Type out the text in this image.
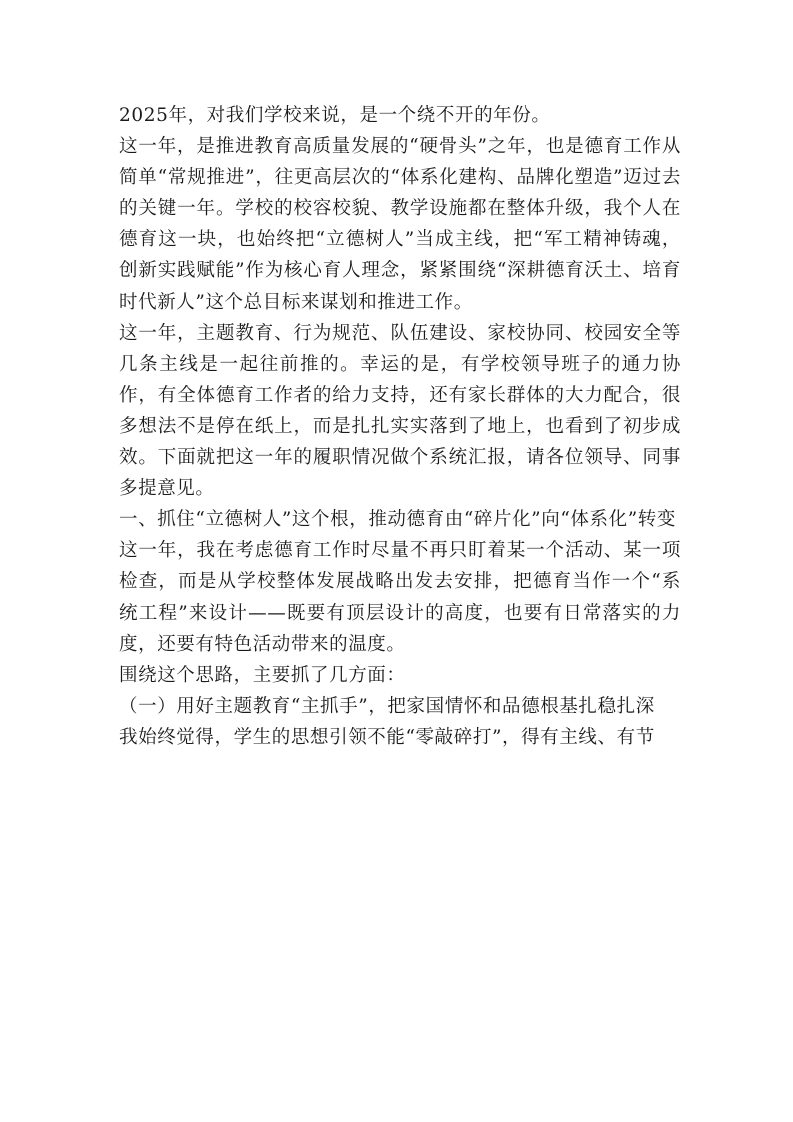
2025年，对我们学校来说，是一个绕不开的年份。

这一年，是推进教育高质量发展的“硬骨头”之年，也是德育工作从简单“常规推进”，往更高层次的“体系化建构、品牌化塑造”迈过去的关键一年。学校的校容校貌、教学设施都在整体升级，我个人在德育这一块，也始终把“立德树人”当成主线，把“军工精神铸魂，创新实践赋能”作为核心育人理念，紧紧围绕“深耕德育沃土、培育时代新人”这个总目标来谋划和推进工作。

这一年，主题教育、行为规范、队伍建设、家校协同、校园安全等几条主线是一起往前推的。幸运的是，有学校领导班子的通力协作，有全体德育工作者的给力支持，还有家长群体的大力配合，很多想法不是停在纸上，而是扎扎实实落到了地上，也看到了初步成效。下面就把这一年的履职情况做个系统汇报，请各位领导、同事多提意见。

一、抓住“立德树人”这个根，推动德育由“碎片化”向“体系化”转变

这一年，我在考虑德育工作时尽量不再只盯着某一个活动、某一项检查，而是从学校整体发展战略出发去安排，把德育当作一个“系统工程”来设计——既要有顶层设计的高度，也要有日常落实的力度，还要有特色活动带来的温度。

围绕这个思路，主要抓了几方面：

（一）用好主题教育“主抓手”，把家国情怀和品德根基扎稳扎深

我始终觉得，学生的思想引领不能“零敲碎打”，得有主线、有节
